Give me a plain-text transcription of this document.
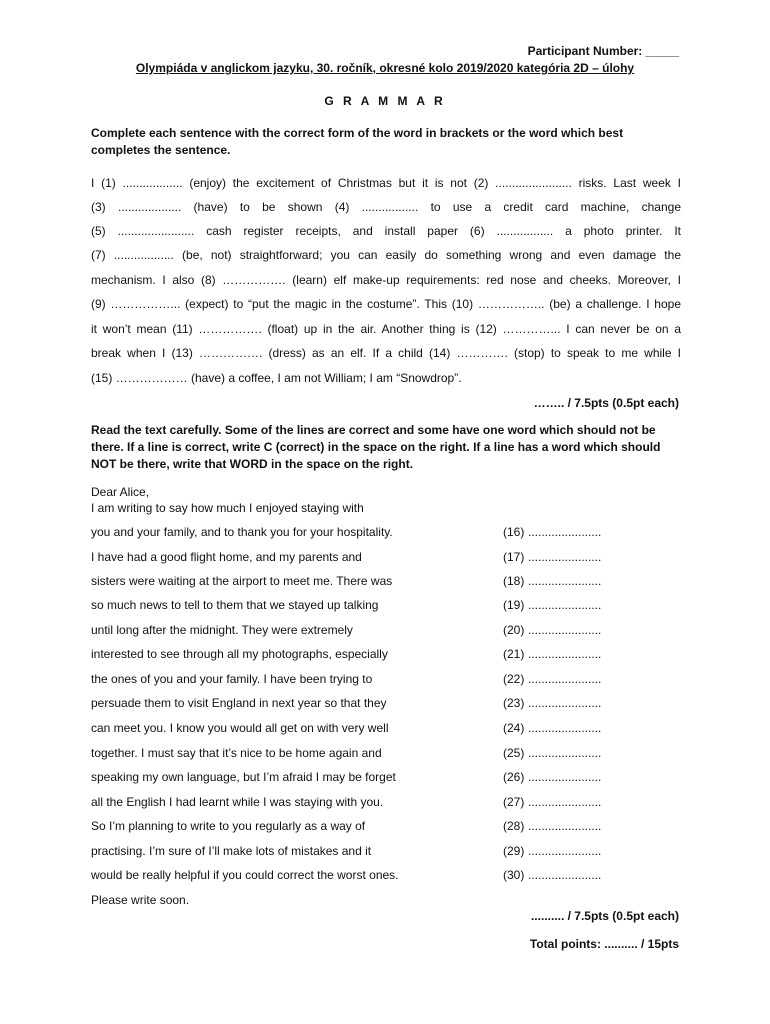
Participant Number: _____
Olympiáda v anglickom jazyku, 30. ročník, okresné kolo 2019/2020 kategória 2D – úlohy
G R A M M A R
Complete each sentence with the correct form of the word in brackets or the word which best completes the sentence.
I (1) .................. (enjoy) the excitement of Christmas but it is not (2) ....................... risks. Last week I
(3) ................... (have) to be shown (4) ................. to use a credit card machine, change
(5) ....................... cash register receipts, and install paper (6) ................. a photo printer. It
(7) .................. (be, not) straightforward; you can easily do something wrong and even damage the
mechanism. I also (8) ……………. (learn) elf make-up requirements: red nose and cheeks. Moreover, I
(9) ……………... (expect) to “put the magic in the costume”. This (10) …………….. (be) a challenge. I hope
it won’t mean (11) ……………. (float) up in the air. Another thing is (12) …………... I can never be on a
break when I (13) ……………. (dress) as an elf. If a child (14) …………. (stop) to speak to me while I
(15) ……………… (have) a coffee, I am not William; I am “Snowdrop”.
…….. / 7.5pts (0.5pt each)
Read the text carefully. Some of the lines are correct and some have one word which should not be there. If a line is correct, write C (correct) in the space on the right. If a line has a word which should NOT be there, write that WORD in the space on the right.
Dear Alice,
I am writing to say how much I enjoyed staying with
you and your family, and to thank you for your hospitality.	(16) ......................
I have had a good flight home, and my parents and	(17) ......................
sisters were waiting at the airport to meet me. There was	(18) ......................
so much news to tell to them that we stayed up talking	(19) ......................
until long after the midnight. They were extremely	(20) ......................
interested to see through all my photographs, especially	(21) ......................
the ones of you and your family. I have been trying to	(22) ......................
persuade them to visit England in next year so that they	(23) ......................
can meet you. I know you would all get on with very well	(24) ......................
together. I must say that it’s nice to be home again and	(25) ......................
speaking my own language, but I’m afraid I may be forget	(26) ......................
all the English I had learnt while I was staying with you.	(27) ......................
So I’m planning to write to you regularly as a way of	(28) ......................
practising. I’m sure of I’ll make lots of mistakes and it	(29) ......................
would be really helpful if you could correct the worst ones.	(30) ......................
Please write soon.
.......... / 7.5pts (0.5pt each)
Total points: .......... / 15pts
